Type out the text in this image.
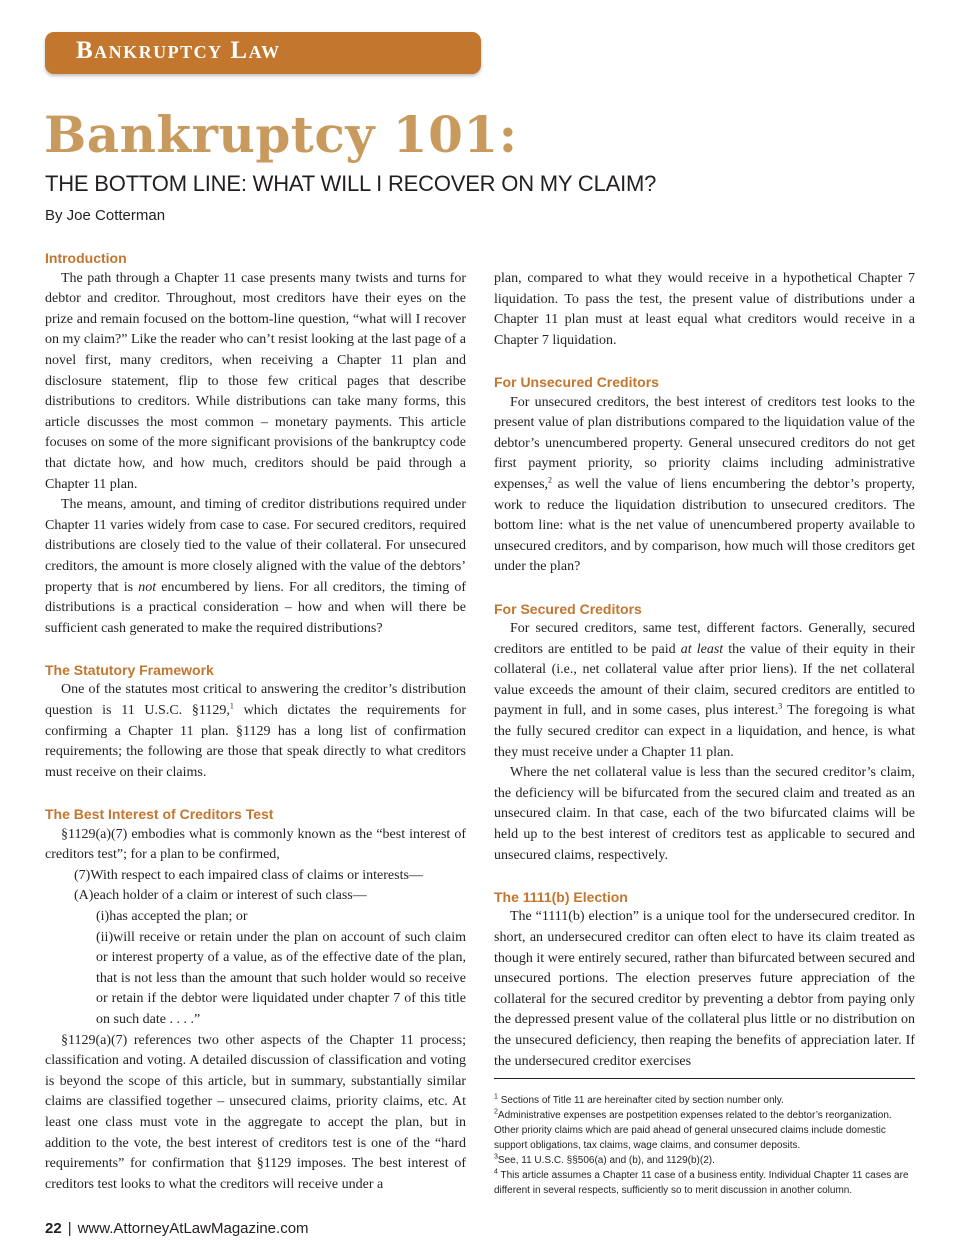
Bankruptcy Law
Bankruptcy 101:
THE BOTTOM LINE: WHAT WILL I RECOVER ON MY CLAIM?
By Joe Cotterman
Introduction

The path through a Chapter 11 case presents many twists and turns for debtor and creditor. Throughout, most creditors have their eyes on the prize and remain focused on the bottom-line question, “what will I recover on my claim?” Like the reader who can’t resist looking at the last page of a novel first, many creditors, when receiving a Chapter 11 plan and disclosure statement, flip to those few critical pages that describe distributions to creditors. While distributions can take many forms, this article discusses the most common – monetary payments. This article focuses on some of the more significant provisions of the bankruptcy code that dictate how, and how much, creditors should be paid through a Chapter 11 plan.

The means, amount, and timing of creditor distributions required under Chapter 11 varies widely from case to case. For secured creditors, required distributions are closely tied to the value of their collateral. For unsecured creditors, the amount is more closely aligned with the value of the debtors’ property that is not encumbered by liens. For all creditors, the timing of distributions is a practical consideration – how and when will there be sufficient cash generated to make the required distributions?

The Statutory Framework

One of the statutes most critical to answering the creditor’s distribution question is 11 U.S.C. §1129,$^1$ which dictates the requirements for confirming a Chapter 11 plan. §1129 has a long list of confirmation requirements; the following are those that speak directly to what creditors must receive on their claims.

The Best Interest of Creditors Test

§1129(a)(7) embodies what is commonly known as the “best interest of creditors test”; for a plan to be confirmed,

(7)With respect to each impaired class of claims or interests—

(A)each holder of a claim or interest of such class—

(i)has accepted the plan; or

(ii)will receive or retain under the plan on account of such claim or interest property of a value, as of the effective date of the plan, that is not less than the amount that such holder would so receive or retain if the debtor were liquidated under chapter 7 of this title on such date . . . .”

§1129(a)(7) references two other aspects of the Chapter 11 process; classification and voting. A detailed discussion of classification and voting is beyond the scope of this article, but in summary, substantially similar claims are classified together – unsecured claims, priority claims, etc. At least one class must vote in the aggregate to accept the plan, but in addition to the vote, the best interest of creditors test is one of the “hard requirements” for confirmation that §1129 imposes. The best interest of creditors test looks to what the creditors will receive under a

plan, compared to what they would receive in a hypothetical Chapter 7 liquidation. To pass the test, the present value of distributions under a Chapter 11 plan must at least equal what creditors would receive in a Chapter 7 liquidation.

For Unsecured Creditors

For unsecured creditors, the best interest of creditors test looks to the present value of plan distributions compared to the liquidation value of the debtor’s unencumbered property. General unsecured creditors do not get first payment priority, so priority claims including administrative expenses,$^2$ as well the value of liens encumbering the debtor’s property, work to reduce the liquidation distribution to unsecured creditors. The bottom line: what is the net value of unencumbered property available to unsecured creditors, and by comparison, how much will those creditors get under the plan?

For Secured Creditors

For secured creditors, same test, different factors. Generally, secured creditors are entitled to be paid at least the value of their equity in their collateral (i.e., net collateral value after prior liens). If the net collateral value exceeds the amount of their claim, secured creditors are entitled to payment in full, and in some cases, plus interest.$^3$ The foregoing is what the fully secured creditor can expect in a liquidation, and hence, is what they must receive under a Chapter 11 plan.

Where the net collateral value is less than the secured creditor’s claim, the deficiency will be bifurcated from the secured claim and treated as an unsecured claim. In that case, each of the two bifurcated claims will be held up to the best interest of creditors test as applicable to secured and unsecured claims, respectively.

The 1111(b) Election

The “1111(b) election” is a unique tool for the undersecured creditor. In short, an undersecured creditor can often elect to have its claim treated as though it were entirely secured, rather than bifurcated between secured and unsecured portions. The election preserves future appreciation of the collateral for the secured creditor by preventing a debtor from paying only the depressed present value of the collateral plus little or no distribution on the unsecured deficiency, then reaping the benefits of appreciation later. If the undersecured creditor exercises

$^1$ Sections of Title 11 are hereinafter cited by section number only.
$^2$Administrative expenses are postpetition expenses related to the debtor’s reorganization. Other priority claims which are paid ahead of general unsecured claims include domestic support obligations, tax claims, wage claims, and consumer deposits.
$^3$See, 11 U.S.C. §§506(a) and (b), and 1129(b)(2).
$^4$ This article assumes a Chapter 11 case of a business entity. Individual Chapter 11 cases are different in several respects, sufficiently so to merit discussion in another column.
22 | www.AttorneyAtLawMagazine.com
